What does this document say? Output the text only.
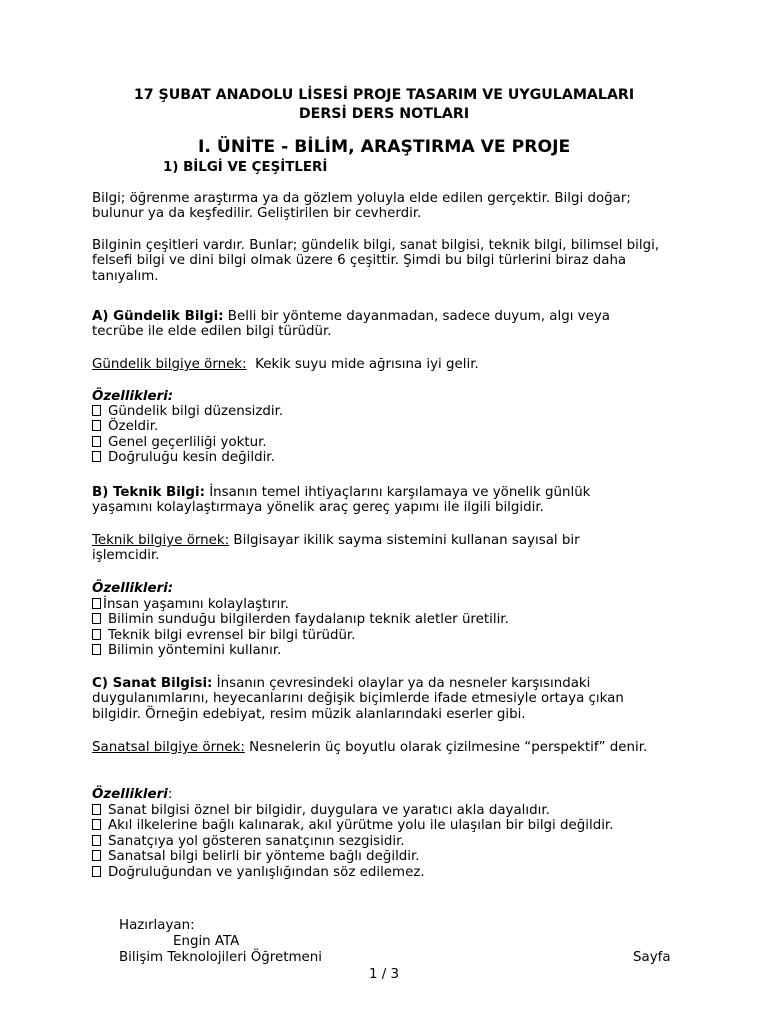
17 ŞUBAT ANADOLU LİSESİ PROJE TASARIM VE UYGULAMALARI
DERSİ DERS NOTLARI
I. ÜNİTE - BİLİM, ARAŞTIRMA VE PROJE
1) BİLGİ VE ÇEŞİTLERİ
Bilgi; öğrenme araştırma ya da gözlem yoluyla elde edilen gerçektir. Bilgi doğar; bulunur ya da keşfedilir. Geliştirilen bir cevherdir.
Bilginin çeşitleri vardır. Bunlar; gündelik bilgi, sanat bilgisi, teknik bilgi, bilimsel bilgi, felsefi bilgi ve dini bilgi olmak üzere 6 çeşittir. Şimdi bu bilgi türlerini biraz daha tanıyalım.
A) Gündelik Bilgi: Belli bir yönteme dayanmadan, sadece duyum, algı veya tecrübe ile elde edilen bilgi türüdür.
Gündelik bilgiye örnek:  Kekik suyu mide ağrısına iyi gelir.
Özellikleri:
Gündelik bilgi düzensizdir.
Özeldir.
Genel geçerliliği yoktur.
Doğruluğu kesin değildir.
B) Teknik Bilgi: İnsanın temel ihtiyaçlarını karşılamaya ve yönelik günlük yaşamını kolaylaştırmaya yönelik araç gereç yapımı ile ilgili bilgidir.
Teknik bilgiye örnek: Bilgisayar ikilik sayma sistemini kullanan sayısal bir işlemcidir.
Özellikleri:
İnsan yaşamını kolaylaştırır.
Bilimin sunduğu bilgilerden faydalanıp teknik aletler üretilir.
Teknik bilgi evrensel bir bilgi türüdür.
Bilimin yöntemini kullanır.
C) Sanat Bilgisi: İnsanın çevresindeki olaylar ya da nesneler karşısındaki duygulanımlarını, heyecanlarını değişik biçimlerde ifade etmesiyle ortaya çıkan bilgidir. Örneğin edebiyat, resim müzik alanlarındaki eserler gibi.
Sanatsal bilgiye örnek: Nesnelerin üç boyutlu olarak çizilmesine “perspektif” denir.
Özellikleri:
Sanat bilgisi öznel bir bilgidir, duygulara ve yaratıcı akla dayalıdır.
Akıl ilkelerine bağlı kalınarak, akıl yürütme yolu ile ulaşılan bir bilgi değildir.
Sanatçıya yol gösteren sanatçının sezgisidir.
Sanatsal bilgi belirli bir yönteme bağlı değildir.
Doğruluğundan ve yanlışlığından söz edilemez.
Hazırlayan:
Engin ATA
Bilişim Teknolojileri Öğretmeni	Sayfa
1 / 3
